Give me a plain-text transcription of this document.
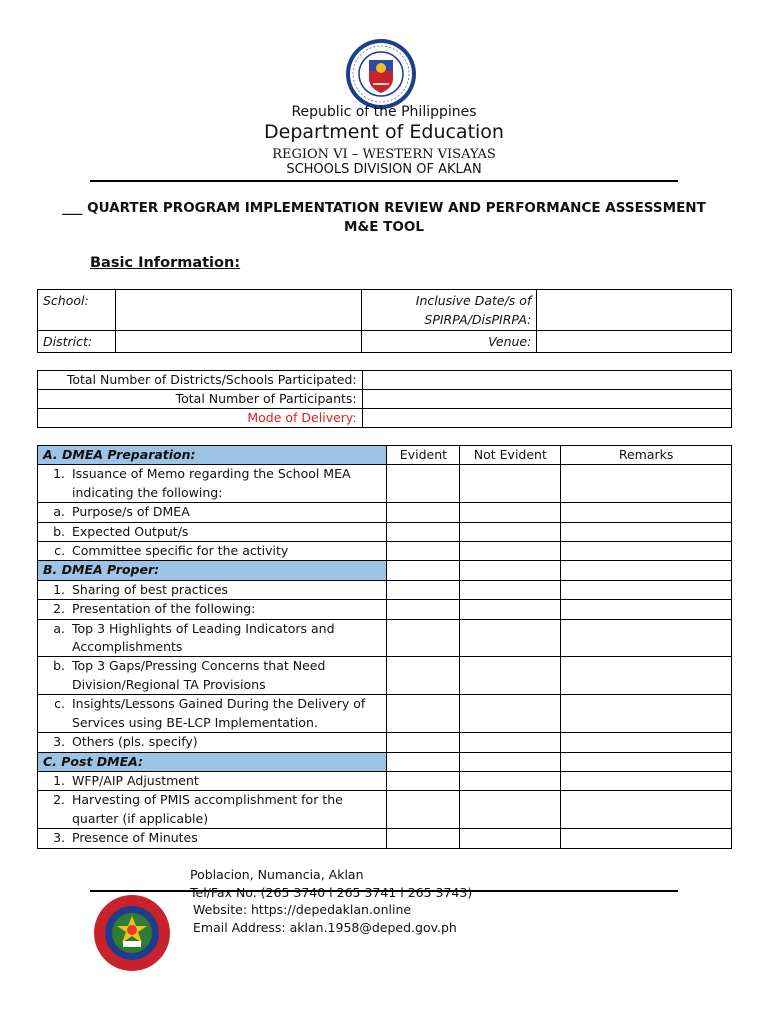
Republic of the Philippines
Department of Education
REGION VI – WESTERN VISAYAS
SCHOOLS DIVISION OF AKLAN
___ QUARTER PROGRAM IMPLEMENTATION REVIEW AND PERFORMANCE ASSESSMENT
M&E TOOL
Basic Information:
School:		Inclusive Date/s of
SPIRPA/DisPIRPA:	

District:		Venue:	
Total Number of Districts/Schools Participated:	
Total Number of Participants:	
Mode of Delivery:	
A. DMEA Preparation:	Evident	Not Evident	Remarks

1. Issuance of Memo regarding the School MEA indicating the following:			

a. Purpose/s of DMEA			

b. Expected Output/s			

c. Committee specific for the activity			

B. DMEA Proper:			

1. Sharing of best practices			

2. Presentation of the following:			

a. Top 3 Highlights of Leading Indicators and Accomplishments			

b. Top 3 Gaps/Pressing Concerns that Need Division/Regional TA Provisions			

c. Insights/Lessons Gained During the Delivery of Services using BE-LCP Implementation.			

3. Others (pls. specify)			

C. Post DMEA:			

1. WFP/AIP Adjustment			

2. Harvesting of PMIS accomplishment for the quarter (if applicable)			

3. Presence of Minutes			

Poblacion, Numancia, Aklan
Tel/Fax No. (265 3740 l 265 3741 l 265 3743)
Website: https://depedaklan.online
Email Address: aklan.1958@deped.gov.ph
